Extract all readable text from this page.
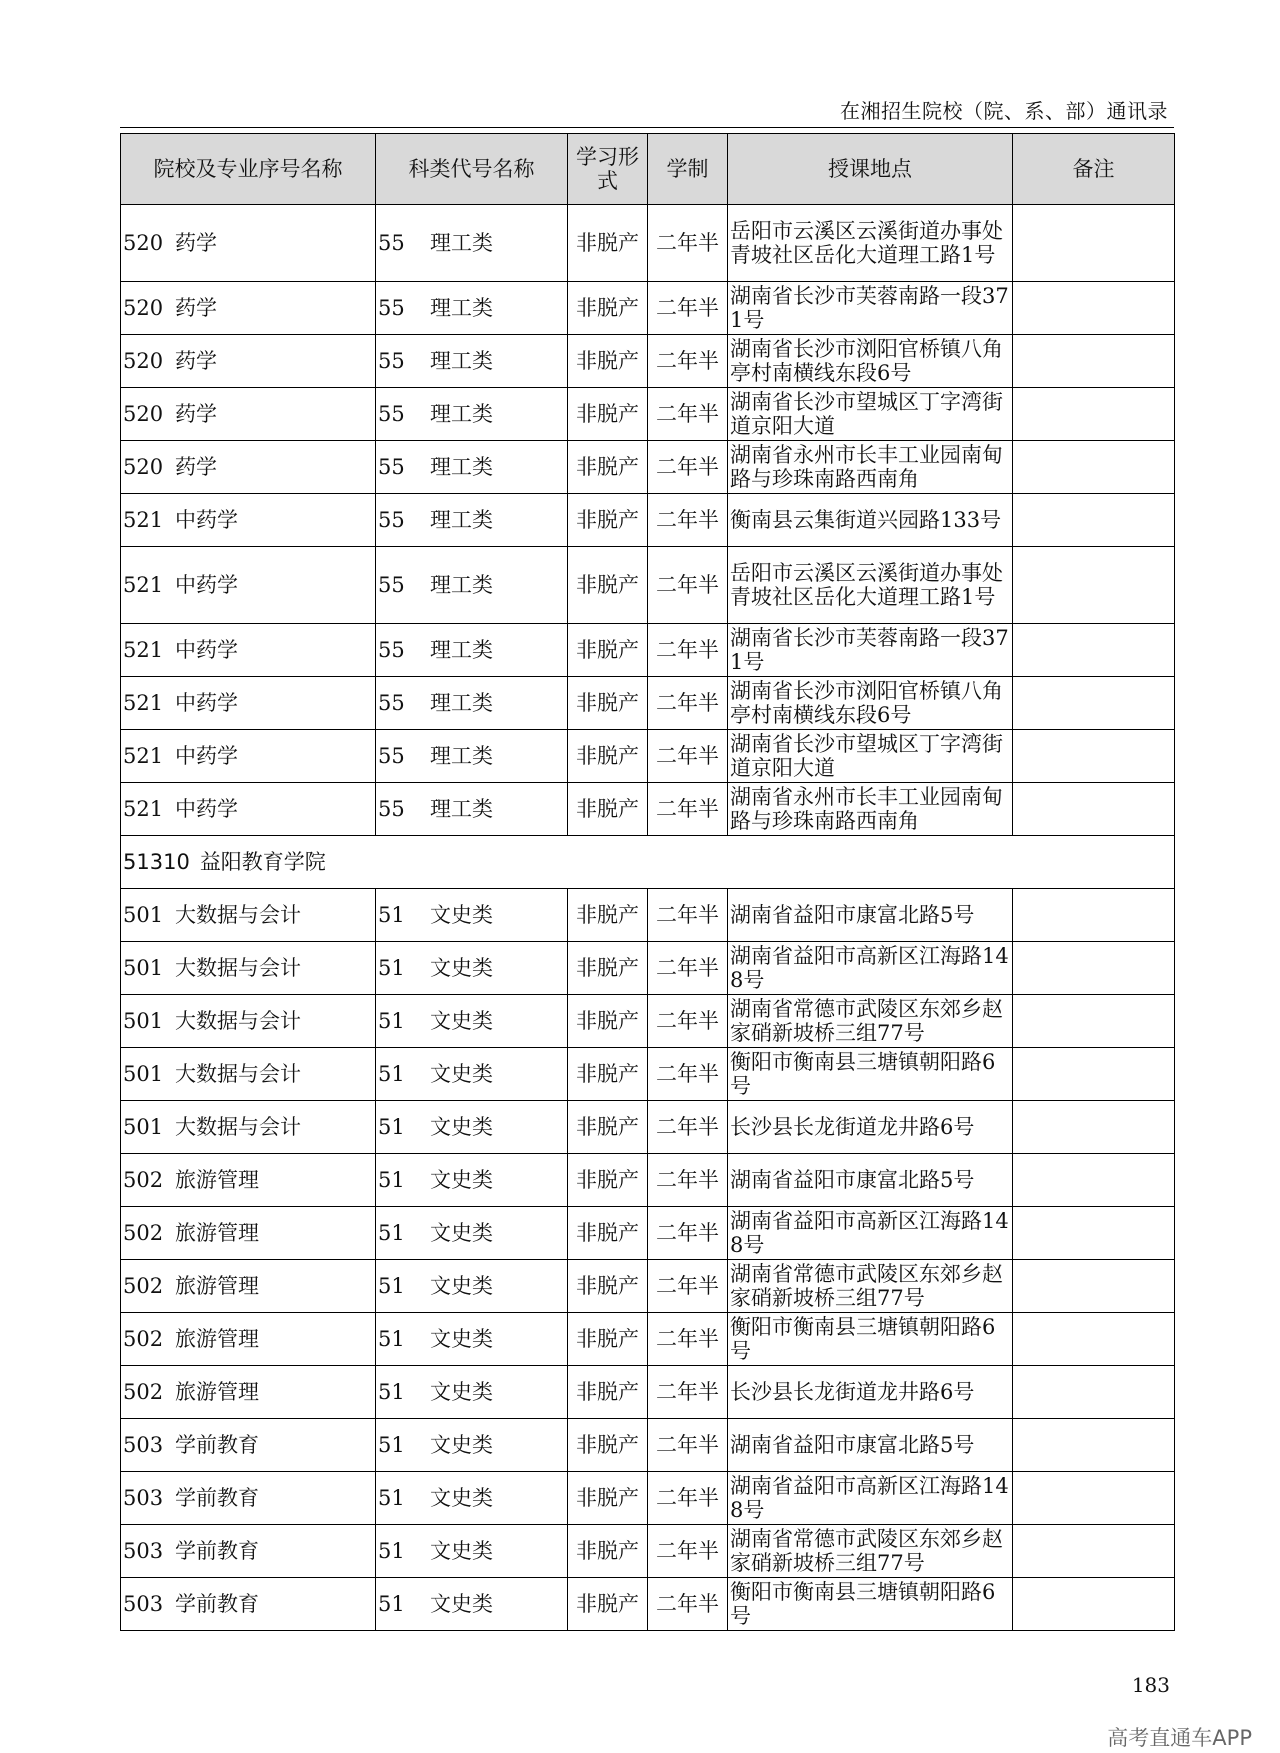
在湘招生院校（院、系、部）通讯录
院校及专业序号名称	科类代号名称	学习形式	学制	授课地点	备注
520 药学	55 理工类	非脱产	二年半	岳阳市云溪区云溪街道办事处青坡社区岳化大道理工路1号	
520 药学	55 理工类	非脱产	二年半	湖南省长沙市芙蓉南路一段371号	
520 药学	55 理工类	非脱产	二年半	湖南省长沙市浏阳官桥镇八角亭村南横线东段6号	
520 药学	55 理工类	非脱产	二年半	湖南省长沙市望城区丁字湾街道京阳大道	
520 药学	55 理工类	非脱产	二年半	湖南省永州市长丰工业园南甸路与珍珠南路西南角	
521 中药学	55 理工类	非脱产	二年半	衡南县云集街道兴园路133号	
521 中药学	55 理工类	非脱产	二年半	岳阳市云溪区云溪街道办事处青坡社区岳化大道理工路1号	
521 中药学	55 理工类	非脱产	二年半	湖南省长沙市芙蓉南路一段371号	
521 中药学	55 理工类	非脱产	二年半	湖南省长沙市浏阳官桥镇八角亭村南横线东段6号	
521 中药学	55 理工类	非脱产	二年半	湖南省长沙市望城区丁字湾街道京阳大道	
521 中药学	55 理工类	非脱产	二年半	湖南省永州市长丰工业园南甸路与珍珠南路西南角	
51310 益阳教育学院					
501 大数据与会计	51 文史类	非脱产	二年半	湖南省益阳市康富北路5号	
501 大数据与会计	51 文史类	非脱产	二年半	湖南省益阳市高新区江海路148号	
501 大数据与会计	51 文史类	非脱产	二年半	湖南省常德市武陵区东郊乡赵家硝新坡桥三组77号	
501 大数据与会计	51 文史类	非脱产	二年半	衡阳市衡南县三塘镇朝阳路6号	
501 大数据与会计	51 文史类	非脱产	二年半	长沙县长龙街道龙井路6号	
502 旅游管理	51 文史类	非脱产	二年半	湖南省益阳市康富北路5号	
502 旅游管理	51 文史类	非脱产	二年半	湖南省益阳市高新区江海路148号	
502 旅游管理	51 文史类	非脱产	二年半	湖南省常德市武陵区东郊乡赵家硝新坡桥三组77号	
502 旅游管理	51 文史类	非脱产	二年半	衡阳市衡南县三塘镇朝阳路6号	
502 旅游管理	51 文史类	非脱产	二年半	长沙县长龙街道龙井路6号	
503 学前教育	51 文史类	非脱产	二年半	湖南省益阳市康富北路5号	
503 学前教育	51 文史类	非脱产	二年半	湖南省益阳市高新区江海路148号	
503 学前教育	51 文史类	非脱产	二年半	湖南省常德市武陵区东郊乡赵家硝新坡桥三组77号	
503 学前教育	51 文史类	非脱产	二年半	衡阳市衡南县三塘镇朝阳路6号	
183
高考直通车APP
